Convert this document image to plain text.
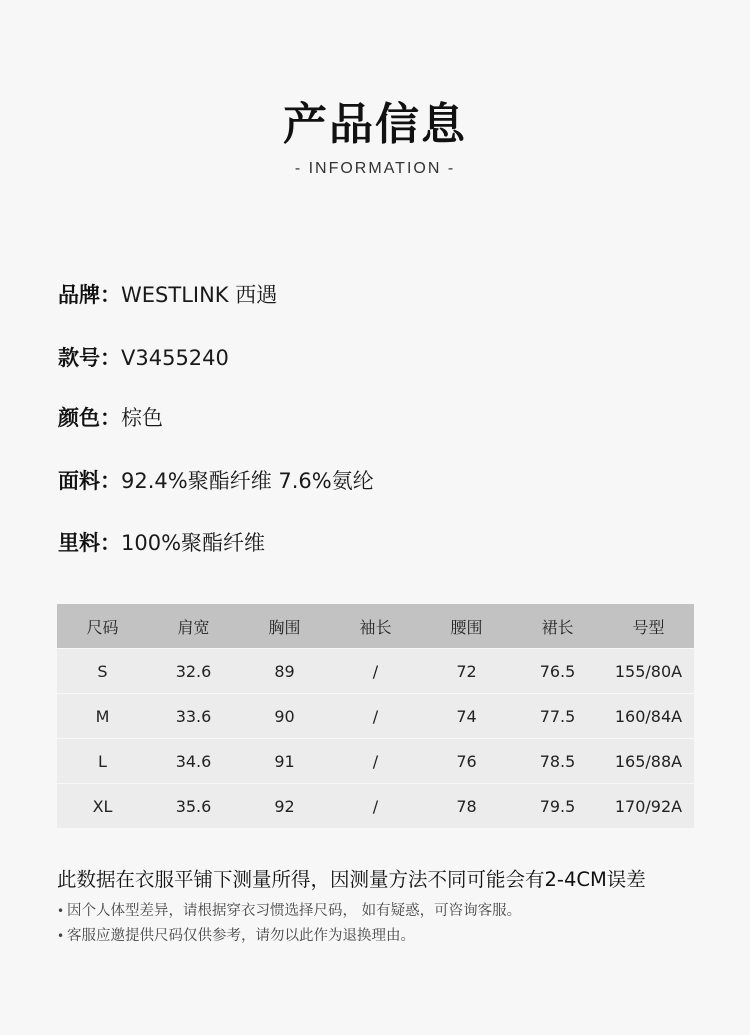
产品信息
- INFORMATION -
品牌：WESTLINK 西遇
款号：V3455240
颜色：棕色
面料：92.4%聚酯纤维 7.6%氨纶
里料：100%聚酯纤维
尺码	肩宽	胸围	袖长	腰围	裙长	号型
S	32.6	89	/	72	76.5	155/80A
M	33.6	90	/	74	77.5	160/84A
L	34.6	91	/	76	78.5	165/88A
XL	35.6	92	/	78	79.5	170/92A
此数据在衣服平铺下测量所得，因测量方法不同可能会有2-4CM误差
• 因个人体型差异，请根据穿衣习惯选择尺码， 如有疑惑，可咨询客服。
• 客服应邀提供尺码仅供参考，请勿以此作为退换理由。
